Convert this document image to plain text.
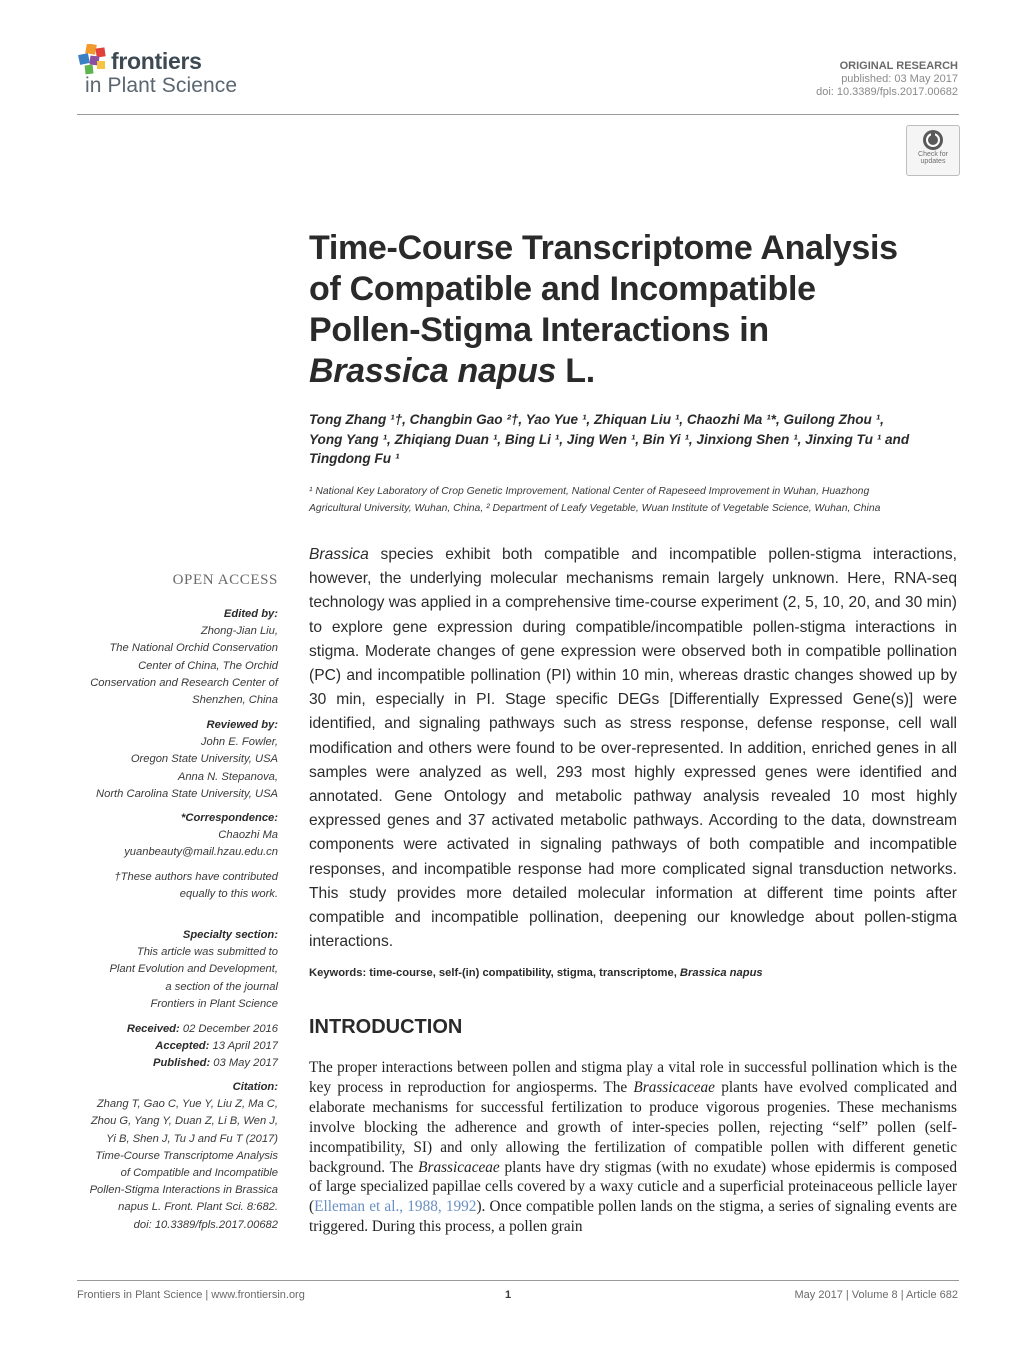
frontiers
in Plant Science
ORIGINAL RESEARCH
published: 03 May 2017
doi: 10.3389/fpls.2017.00682
Check for
updates
Time-Course Transcriptome Analysis
of Compatible and Incompatible
Pollen-Stigma Interactions in
Brassica napus L.
Tong Zhang ¹†, Changbin Gao ²†, Yao Yue ¹, Zhiquan Liu ¹, Chaozhi Ma ¹*, Guilong Zhou ¹,
Yong Yang ¹, Zhiqiang Duan ¹, Bing Li ¹, Jing Wen ¹, Bin Yi ¹, Jinxiong Shen ¹, Jinxing Tu ¹ and
Tingdong Fu ¹
¹ National Key Laboratory of Crop Genetic Improvement, National Center of Rapeseed Improvement in Wuhan, Huazhong
Agricultural University, Wuhan, China, ² Department of Leafy Vegetable, Wuan Institute of Vegetable Science, Wuhan, China
OPEN ACCESS
Edited by:
Zhong-Jian Liu,
The National Orchid Conservation
Center of China, The Orchid
Conservation and Research Center of
Shenzhen, China
Reviewed by:
John E. Fowler,
Oregon State University, USA
Anna N. Stepanova,
North Carolina State University, USA
*Correspondence:
Chaozhi Ma
yuanbeauty@mail.hzau.edu.cn
†These authors have contributed
equally to this work.
Specialty section:
This article was submitted to
Plant Evolution and Development,
a section of the journal
Frontiers in Plant Science
Received: 02 December 2016
Accepted: 13 April 2017
Published: 03 May 2017
Citation:
Zhang T, Gao C, Yue Y, Liu Z, Ma C,
Zhou G, Yang Y, Duan Z, Li B, Wen J,
Yi B, Shen J, Tu J and Fu T (2017)
Time-Course Transcriptome Analysis
of Compatible and Incompatible
Pollen-Stigma Interactions in Brassica
napus L. Front. Plant Sci. 8:682.
doi: 10.3389/fpls.2017.00682
Brassica species exhibit both compatible and incompatible pollen-stigma interactions, however, the underlying molecular mechanisms remain largely unknown. Here, RNA-seq technology was applied in a comprehensive time-course experiment (2, 5, 10, 20, and 30 min) to explore gene expression during compatible/incompatible pollen-stigma interactions in stigma. Moderate changes of gene expression were observed both in compatible pollination (PC) and incompatible pollination (PI) within 10 min, whereas drastic changes showed up by 30 min, especially in PI. Stage specific DEGs [Differentially Expressed Gene(s)] were identified, and signaling pathways such as stress response, defense response, cell wall modification and others were found to be over-represented. In addition, enriched genes in all samples were analyzed as well, 293 most highly expressed genes were identified and annotated. Gene Ontology and metabolic pathway analysis revealed 10 most highly expressed genes and 37 activated metabolic pathways. According to the data, downstream components were activated in signaling pathways of both compatible and incompatible responses, and incompatible response had more complicated signal transduction networks. This study provides more detailed molecular information at different time points after compatible and incompatible pollination, deepening our knowledge about pollen-stigma interactions.
Keywords: time-course, self-(in) compatibility, stigma, transcriptome, Brassica napus
INTRODUCTION
The proper interactions between pollen and stigma play a vital role in successful pollination which is the key process in reproduction for angiosperms. The Brassicaceae plants have evolved complicated and elaborate mechanisms for successful fertilization to produce vigorous progenies. These mechanisms involve blocking the adherence and growth of inter-species pollen, rejecting “self” pollen (self-incompatibility, SI) and only allowing the fertilization of compatible pollen with different genetic background. The Brassicaceae plants have dry stigmas (with no exudate) whose epidermis is composed of large specialized papillae cells covered by a waxy cuticle and a superficial proteinaceous pellicle layer (Elleman et al., 1988, 1992). Once compatible pollen lands on the stigma, a series of signaling events are triggered. During this process, a pollen grain
Frontiers in Plant Science | www.frontiersin.org	1	May 2017 | Volume 8 | Article 682
